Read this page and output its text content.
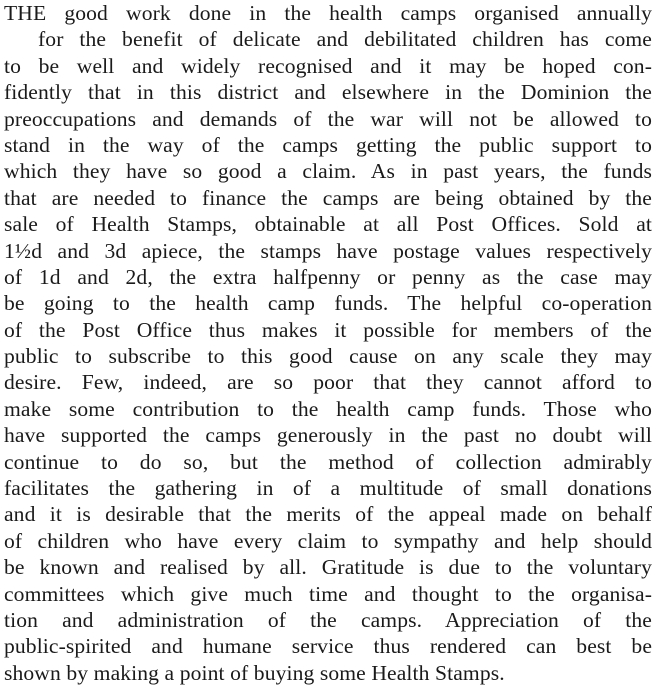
THE good work done in the health camps organised annually
for the benefit of delicate and debilitated children has come
to be well and widely recognised and it may be hoped con-
fidently that in this district and elsewhere in the Dominion the
preoccupations and demands of the war will not be allowed to
stand in the way of the camps getting the public support to
which they have so good a claim. As in past years, the funds
that are needed to finance the camps are being obtained by the
sale of Health Stamps, obtainable at all Post Offices. Sold at
1½d and 3d apiece, the stamps have postage values respectively
of 1d and 2d, the extra halfpenny or penny as the case may
be going to the health camp funds. The helpful co-operation
of the Post Office thus makes it possible for members of the
public to subscribe to this good cause on any scale they may
desire. Few, indeed, are so poor that they cannot afford to
make some contribution to the health camp funds. Those who
have supported the camps generously in the past no doubt will
continue to do so, but the method of collection admirably
facilitates the gathering in of a multitude of small donations
and it is desirable that the merits of the appeal made on behalf
of children who have every claim to sympathy and help should
be known and realised by all. Gratitude is due to the voluntary
committees which give much time and thought to the organisa-
tion and administration of the camps. Appreciation of the
public-spirited and humane service thus rendered can best be
shown by making a point of buying some Health Stamps.
